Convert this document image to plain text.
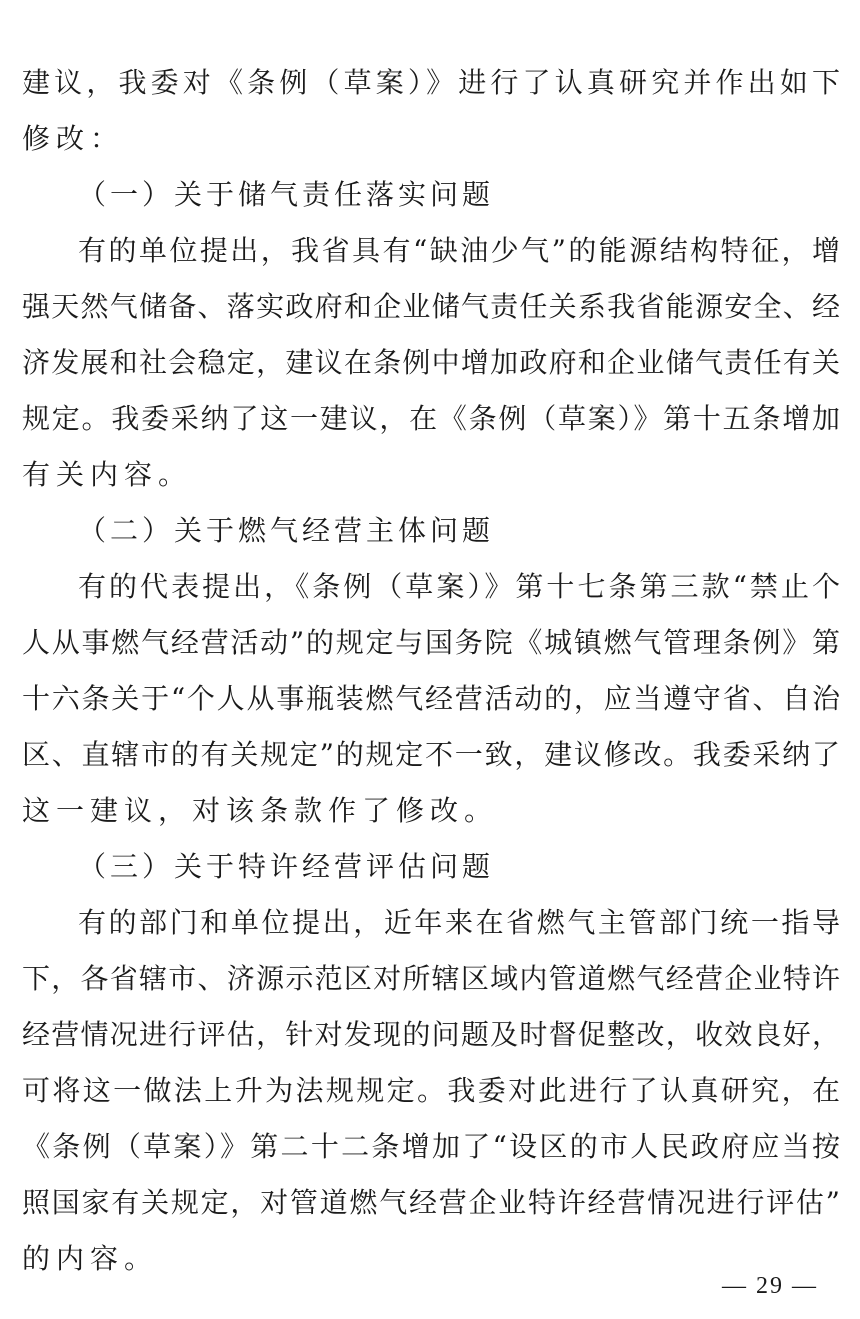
建议，我委对《条例（草案）》进行了认真研究并作出如下
修改：
（一）关于储气责任落实问题
有的单位提出，我省具有“缺油少气”的能源结构特征，增
强天然气储备、落实政府和企业储气责任关系我省能源安全、经
济发展和社会稳定，建议在条例中增加政府和企业储气责任有关
规定。我委采纳了这一建议，在《条例（草案）》第十五条增加
有关内容。
（二）关于燃气经营主体问题
有的代表提出，《条例（草案）》第十七条第三款“禁止个
人从事燃气经营活动”的规定与国务院《城镇燃气管理条例》第
十六条关于“个人从事瓶装燃气经营活动的，应当遵守省、自治
区、直辖市的有关规定”的规定不一致，建议修改。我委采纳了
这一建议，对该条款作了修改。
（三）关于特许经营评估问题
有的部门和单位提出，近年来在省燃气主管部门统一指导
下，各省辖市、济源示范区对所辖区域内管道燃气经营企业特许
经营情况进行评估，针对发现的问题及时督促整改，收效良好，
可将这一做法上升为法规规定。我委对此进行了认真研究，在
《条例（草案）》第二十二条增加了“设区的市人民政府应当按
照国家有关规定，对管道燃气经营企业特许经营情况进行评估”
的内容。
— 29 —
